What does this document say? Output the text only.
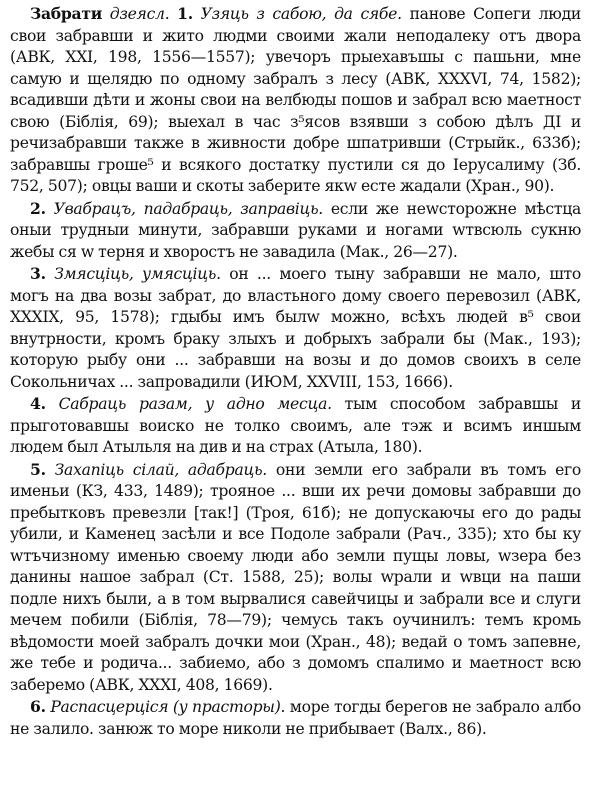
Забрати дзеясл. 1. Узяць з сабою, да сябе. панове Сопеги люди свои забравши и жито людми своими жали неподалеку отъ двора (АВК, XXI, 198, 1556—1557); увечоръ прыехавъшы с пашьни, мне самую и щелядю по одному забралъ з лесу (АВК, XXXVI, 74, 1582); всадивши дѣти и жоны свои на велбюды пошов и забрал всю маетност свою (Біблія, 69); выехал в час з⁵ясов взявши з собою дѣлъ ДІ и речизабравши также в живности добре шпатривши (Стрыйк., 633б); забравшы гроше⁵ и всякого достатку пустили ся до Іерусалиму (Зб. 752, 507); овцы ваши и скоты заберите якw есте жадали (Хран., 90).

2. Увабрацъ, падабраць, заправіць. если же неwсторожне мѣстца оныи трудныи минути, забравши руками и ногами wтвсюль сукню жебы ся w терня и хворостъ не завадила (Мак., 26—27).

3. Змясціць, умясціць. он ... моего тыну забравши не мало, што могъ на два возы забрат, до властьного дому своего перевозил (АВК, XXXIX, 95, 1578); гдыбы имъ былw можно, всѣхъ людей в⁵ свои внутрности, кромъ браку злыхъ и добрыхъ забрали бы (Мак., 193); которую рыбу они ... забравши на возы и до домов своихъ в селе Сокольничах ... запровадили (ИЮМ, XXVIII, 153, 1666).

4. Сабраць разам, у адно месца. тым способом забравшы и прыготовавшы воиско не толко своимъ, але тэж и всимъ иншым людем был Атыльля на див и на страх (Атыла, 180).

5. Захапіць сілай, адабраць. они земли его забрали въ томъ его именьи (КЗ, 433, 1489); трояное ... вши их речи домовы забравши до пребытковъ превезли [так!] (Троя, 61б); не допускаючы его до рады убили, и Каменец засѣли и все Подоле забрали (Рач., 335); хто бы ку wтъчизному именью своему люди або земли пущы ловы, wзера без данины нашое забрал (Ст. 1588, 25); волы wрали и wвци на паши подле нихъ были, а в том вырвалися савейчицы и забрали все и слуги мечем побили (Біблія, 78—79); чемусь такъ оучинилъ: темъ кромь вѣдомости моей забралъ дочки мои (Хран., 48); ведай о томъ запевне, же тебе и родича... забиемо, або з домомъ спалимо и маетност всю заберемо (АВК, XXXI, 408, 1669).

6. Распасцерціся (у прасторы). море тогды берегов не забрало албо не залило. занюж то море николи не прибывает (Валх., 86).
